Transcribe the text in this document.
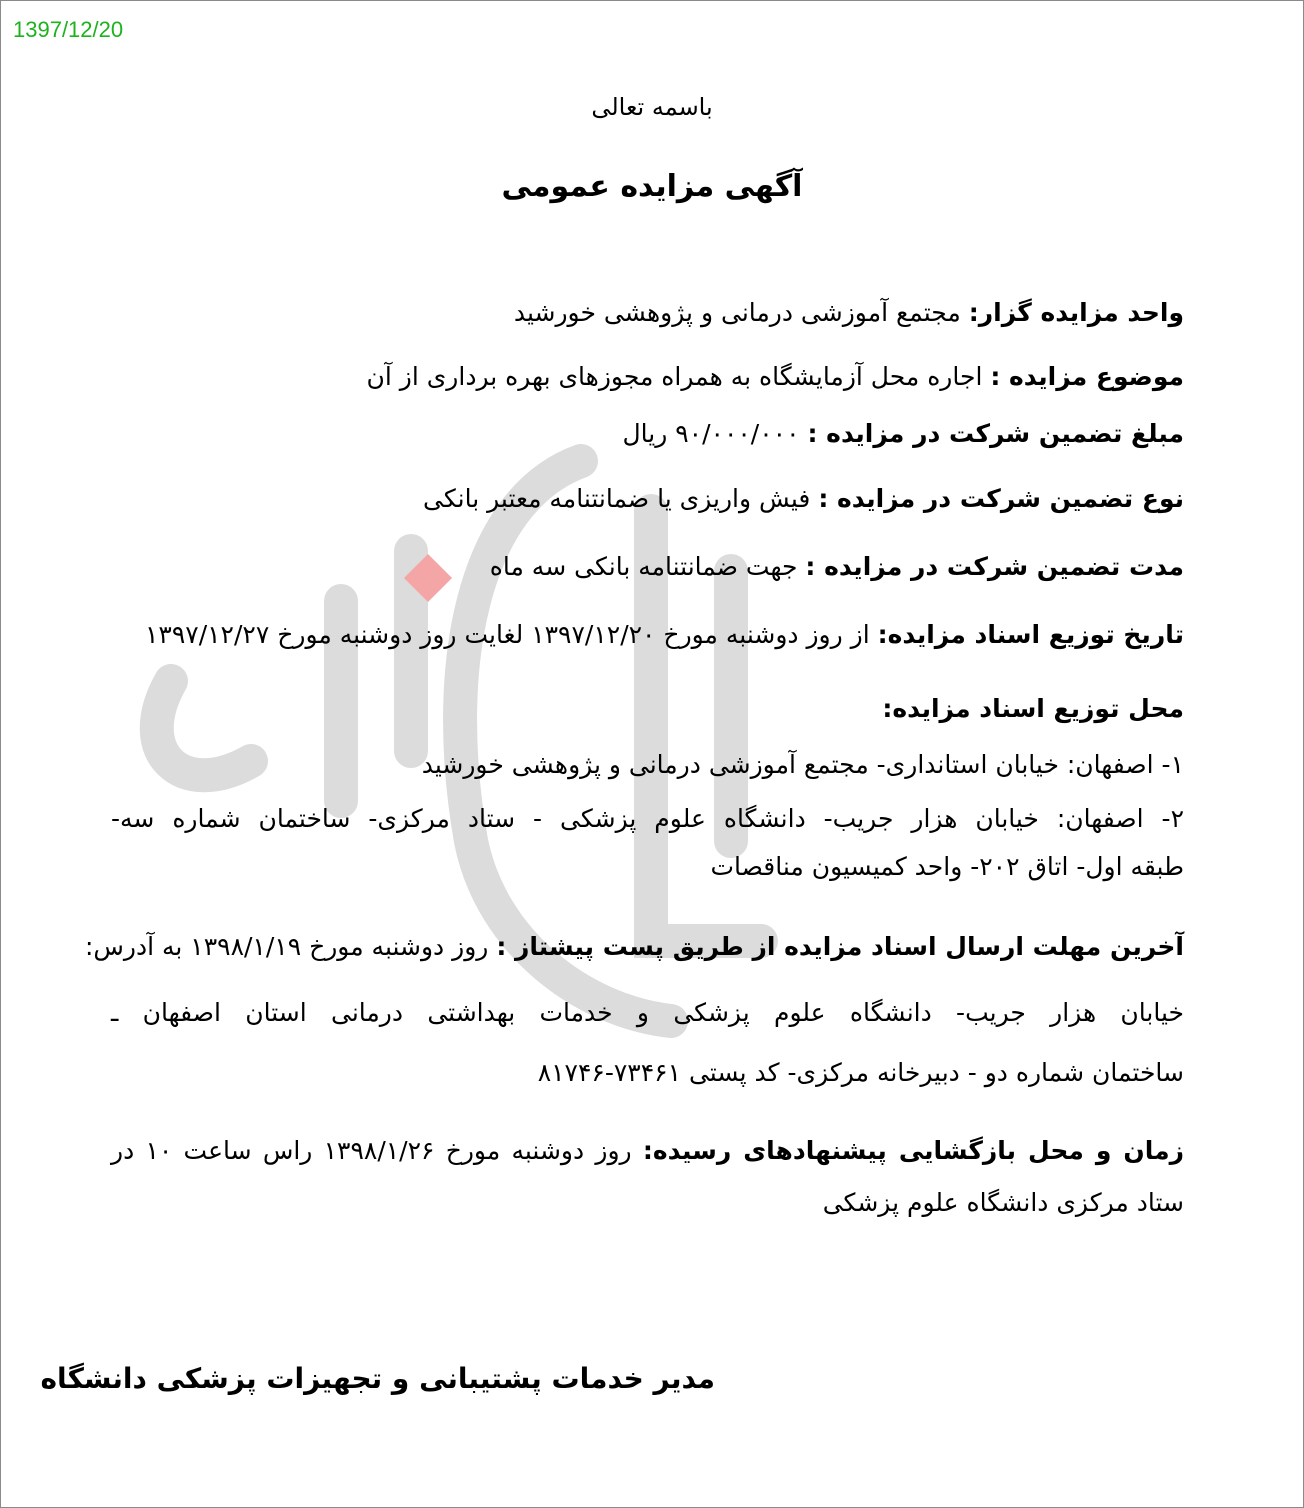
1397/12/20
باسمه تعالی
آگهی مزایده عمومی
واحد مزایده گزار: مجتمع آموزشی درمانی و پژوهشی خورشید
موضوع مزایده : اجاره محل آزمایشگاه به همراه مجوزهای بهره برداری از آن
مبلغ تضمین شرکت در مزایده : ۹۰/۰۰۰/۰۰۰ ریال
نوع تضمین شرکت در مزایده : فیش واریزی یا ضمانتنامه معتبر بانکی
مدت تضمین شرکت در مزایده : جهت ضمانتنامه بانکی سه ماه
تاریخ توزیع اسناد مزایده: از روز دوشنبه مورخ ۱۳۹۷/۱۲/۲۰ لغایت روز دوشنبه مورخ ۱۳۹۷/۱۲/۲۷
محل توزیع اسناد مزایده:
۱- اصفهان: خیابان استانداری- مجتمع آموزشی درمانی و پژوهشی خورشید
۲- اصفهان: خیابان هزار جریب- دانشگاه علوم پزشکی - ستاد مرکزی- ساختمان شماره سه-
طبقه اول- اتاق ۲۰۲- واحد کمیسیون مناقصات
آخرین مهلت ارسال اسناد مزایده از طریق پست پیشتاز : روز دوشنبه مورخ ۱۳۹۸/۱/۱۹ به آدرس:
خیابان هزار جریب- دانشگاه علوم پزشکی و خدمات بهداشتی درمانی استان اصفهان ـ
ساختمان شماره دو - دبیرخانه مرکزی- کد پستی ۷۳۴۶۱-۸۱۷۴۶
زمان و محل بازگشایی پیشنهادهای رسیده: روز دوشنبه مورخ ۱۳۹۸/۱/۲۶ راس ساعت ۱۰ در
ستاد مرکزی دانشگاه علوم پزشکی
مدیر خدمات پشتیبانی و تجهیزات پزشکی دانشگاه
